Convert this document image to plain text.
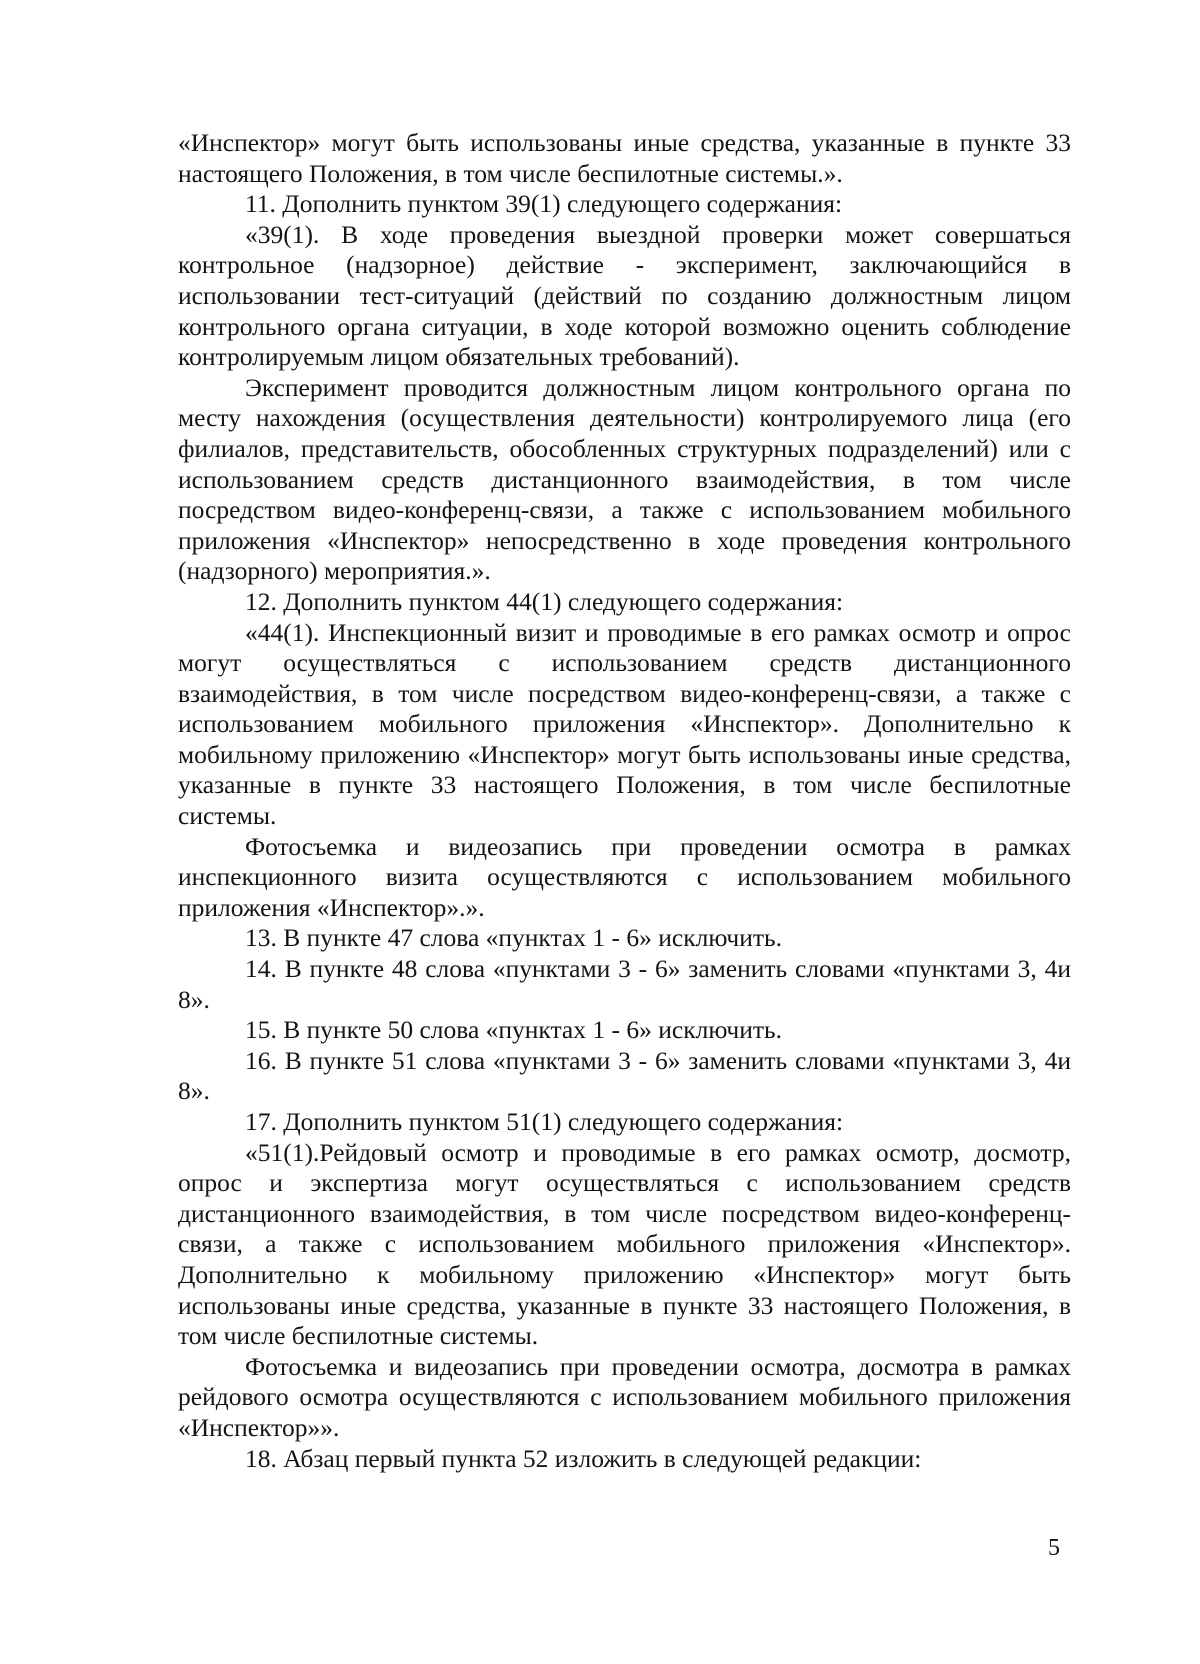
«Инспектор» могут быть использованы иные средства, указанные в пункте 33 настоящего Положения, в том числе беспилотные системы.».

11. Дополнить пунктом 39(1) следующего содержания:

«39(1). В ходе проведения выездной проверки может совершаться контрольное (надзорное) действие - эксперимент, заключающийся в использовании тест-ситуаций (действий по созданию должностным лицом контрольного органа ситуации, в ходе которой возможно оценить соблюдение контролируемым лицом обязательных требований).

Эксперимент проводится должностным лицом контрольного органа по месту нахождения (осуществления деятельности) контролируемого лица (его филиалов, представительств, обособленных структурных подразделений) или с использованием средств дистанционного взаимодействия, в том числе посредством видео-конференц-связи, а также с использованием мобильного приложения «Инспектор» непосредственно в ходе проведения контрольного (надзорного) мероприятия.».

12. Дополнить пунктом 44(1) следующего содержания:

«44(1). Инспекционный визит и проводимые в его рамках осмотр и опрос могут осуществляться с использованием средств дистанционного взаимодействия, в том числе посредством видео-конференц-связи, а также с использованием мобильного приложения «Инспектор». Дополнительно к мобильному приложению «Инспектор» могут быть использованы иные средства, указанные в пункте 33 настоящего Положения, в том числе беспилотные системы.

Фотосъемка и видеозапись при проведении осмотра в рамках инспекционного визита осуществляются с использованием мобильного приложения «Инспектор».».

13. В пункте 47 слова «пунктах 1 - 6» исключить.

14. В пункте 48 слова «пунктами 3 - 6» заменить словами «пунктами 3, 4и 8».

15. В пункте 50 слова «пунктах 1 - 6» исключить.

16. В пункте 51 слова «пунктами 3 - 6» заменить словами «пунктами 3, 4и 8».

17. Дополнить пунктом 51(1) следующего содержания:

«51(1).Рейдовый осмотр и проводимые в его рамках осмотр, досмотр, опрос и экспертиза могут осуществляться с использованием средств дистанционного взаимодействия, в том числе посредством видео-конференц-связи, а также с использованием мобильного приложения «Инспектор». Дополнительно к мобильному приложению «Инспектор» могут быть использованы иные средства, указанные в пункте 33 настоящего Положения, в том числе беспилотные системы.

Фотосъемка и видеозапись при проведении осмотра, досмотра в рамках рейдового осмотра осуществляются с использованием мобильного приложения «Инспектор»».

18. Абзац первый пункта 52 изложить в следующей редакции:

5
